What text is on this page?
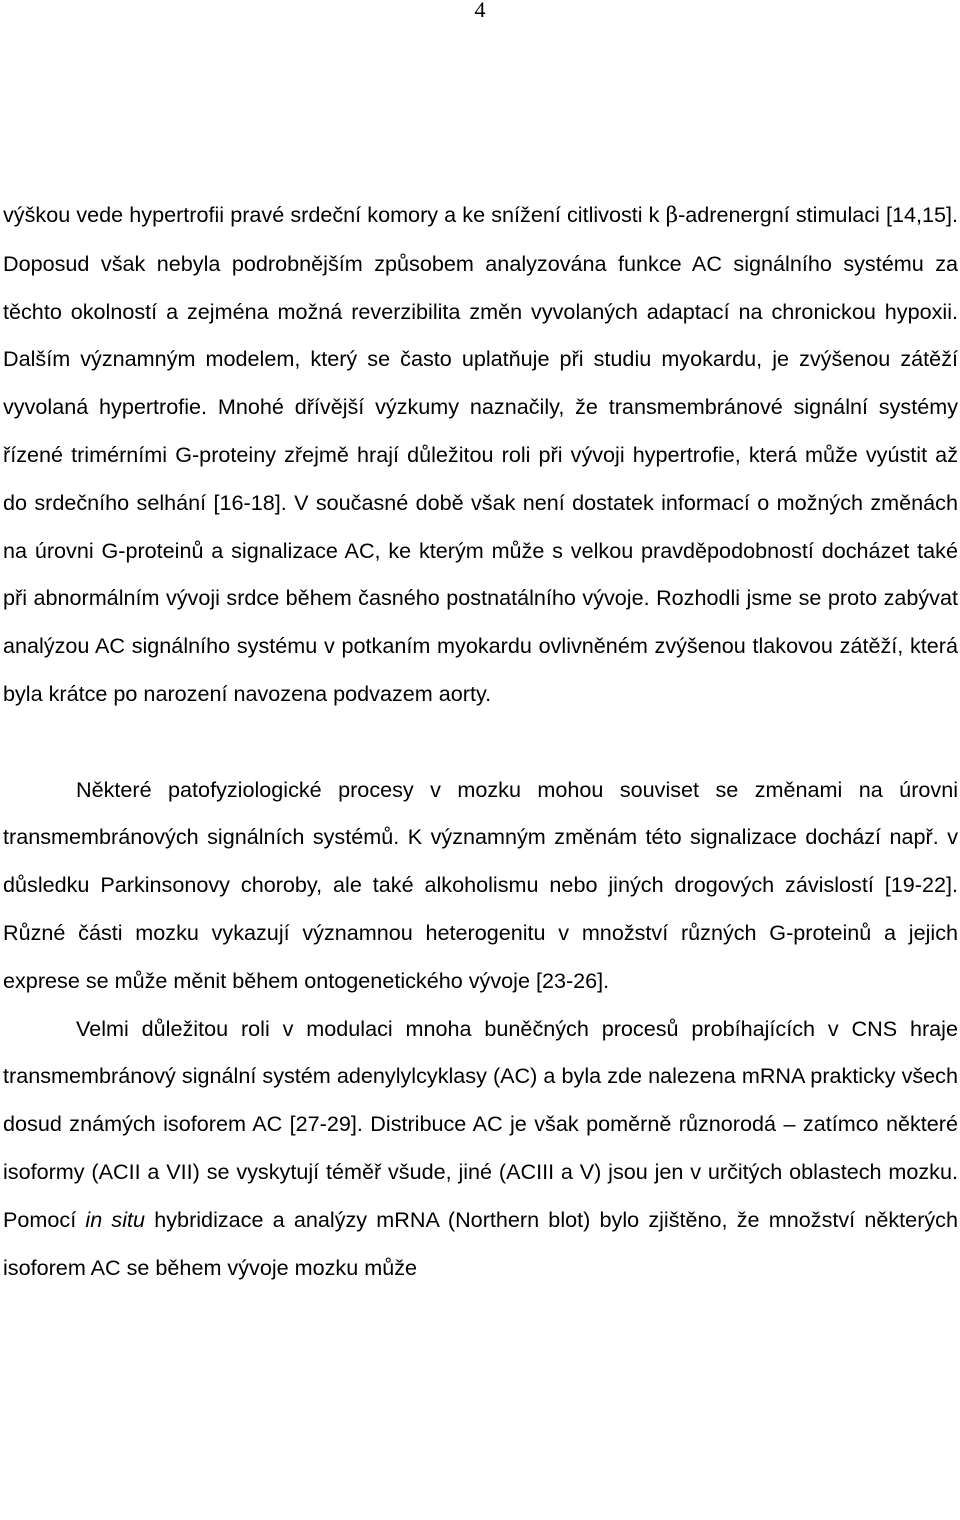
4

výškou vede hypertrofii pravé srdeční komory a ke snížení citlivosti k β-adrenergní stimulaci [14,15]. Doposud však nebyla podrobnějším způsobem analyzována funkce AC signálního systému za těchto okolností a zejména možná reverzibilita změn vyvolaných adaptací na chronickou hypoxii. Dalším významným modelem, který se často uplatňuje při studiu myokardu, je zvýšenou zátěží vyvolaná hypertrofie. Mnohé dřívější výzkumy naznačily, že transmembránové signální systémy řízené trimérními G-proteiny zřejmě hrají důležitou roli při vývoji hypertrofie, která může vyústit až do srdečního selhání [16-18]. V současné době však není dostatek informací o možných změnách na úrovni G-proteinů a signalizace AC, ke kterým může s velkou pravděpodobností docházet také při abnormálním vývoji srdce během časného postnatálního vývoje. Rozhodli jsme se proto zabývat analýzou AC signálního systému v potkaním myokardu ovlivněném zvýšenou tlakovou zátěží, která byla krátce po narození navozena podvazem aorty.

Některé patofyziologické procesy v mozku mohou souviset se změnami na úrovni transmembránových signálních systémů. K významným změnám této signalizace dochází např. v důsledku Parkinsonovy choroby, ale také alkoholismu nebo jiných drogových závislostí [19-22]. Různé části mozku vykazují významnou heterogenitu v množství různých G-proteinů a jejich exprese se může měnit během ontogenetického vývoje [23-26].

Velmi důležitou roli v modulaci mnoha buněčných procesů probíhajících v CNS hraje transmembránový signální systém adenylylcyklasy (AC) a byla zde nalezena mRNA prakticky všech dosud známých isoforem AC [27-29]. Distribuce AC je však poměrně různorodá – zatímco některé isoformy (ACII a VII) se vyskytují téměř všude, jiné (ACIII a V) jsou jen v určitých oblastech mozku. Pomocí in situ hybridizace a analýzy mRNA (Northern blot) bylo zjištěno, že množství některých isoforem AC se během vývoje mozku může
